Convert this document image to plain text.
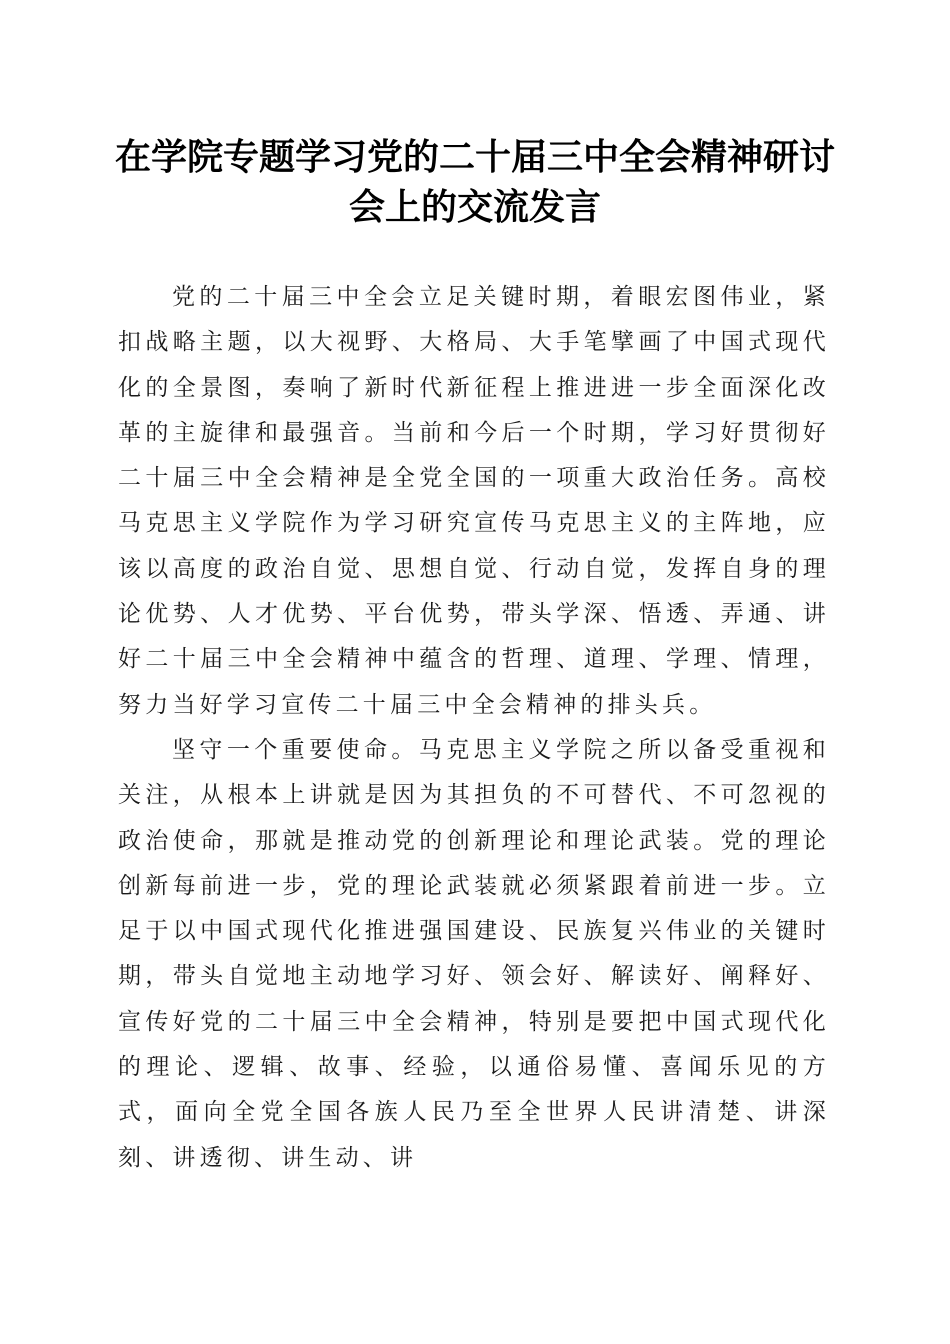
在学院专题学习党的二十届三中全会精神研讨
会上的交流发言

党的二十届三中全会立足关键时期，着眼宏图伟业，紧扣战略主题，以大视野、大格局、大手笔擘画了中国式现代化的全景图，奏响了新时代新征程上推进进一步全面深化改革的主旋律和最强音。当前和今后一个时期，学习好贯彻好二十届三中全会精神是全党全国的一项重大政治任务。高校马克思主义学院作为学习研究宣传马克思主义的主阵地，应该以高度的政治自觉、思想自觉、行动自觉，发挥自身的理论优势、人才优势、平台优势，带头学深、悟透、弄通、讲好二十届三中全会精神中蕴含的哲理、道理、学理、情理，努力当好学习宣传二十届三中全会精神的排头兵。

坚守一个重要使命。马克思主义学院之所以备受重视和关注，从根本上讲就是因为其担负的不可替代、不可忽视的政治使命，那就是推动党的创新理论和理论武装。党的理论创新每前进一步，党的理论武装就必须紧跟着前进一步。立足于以中国式现代化推进强国建设、民族复兴伟业的关键时期，带头自觉地主动地学习好、领会好、解读好、阐释好、宣传好党的二十届三中全会精神，特别是要把中国式现代化的理论、逻辑、故事、经验，以通俗易懂、喜闻乐见的方式，面向全党全国各族人民乃至全世界人民讲清楚、讲深刻、讲透彻、讲生动、讲
